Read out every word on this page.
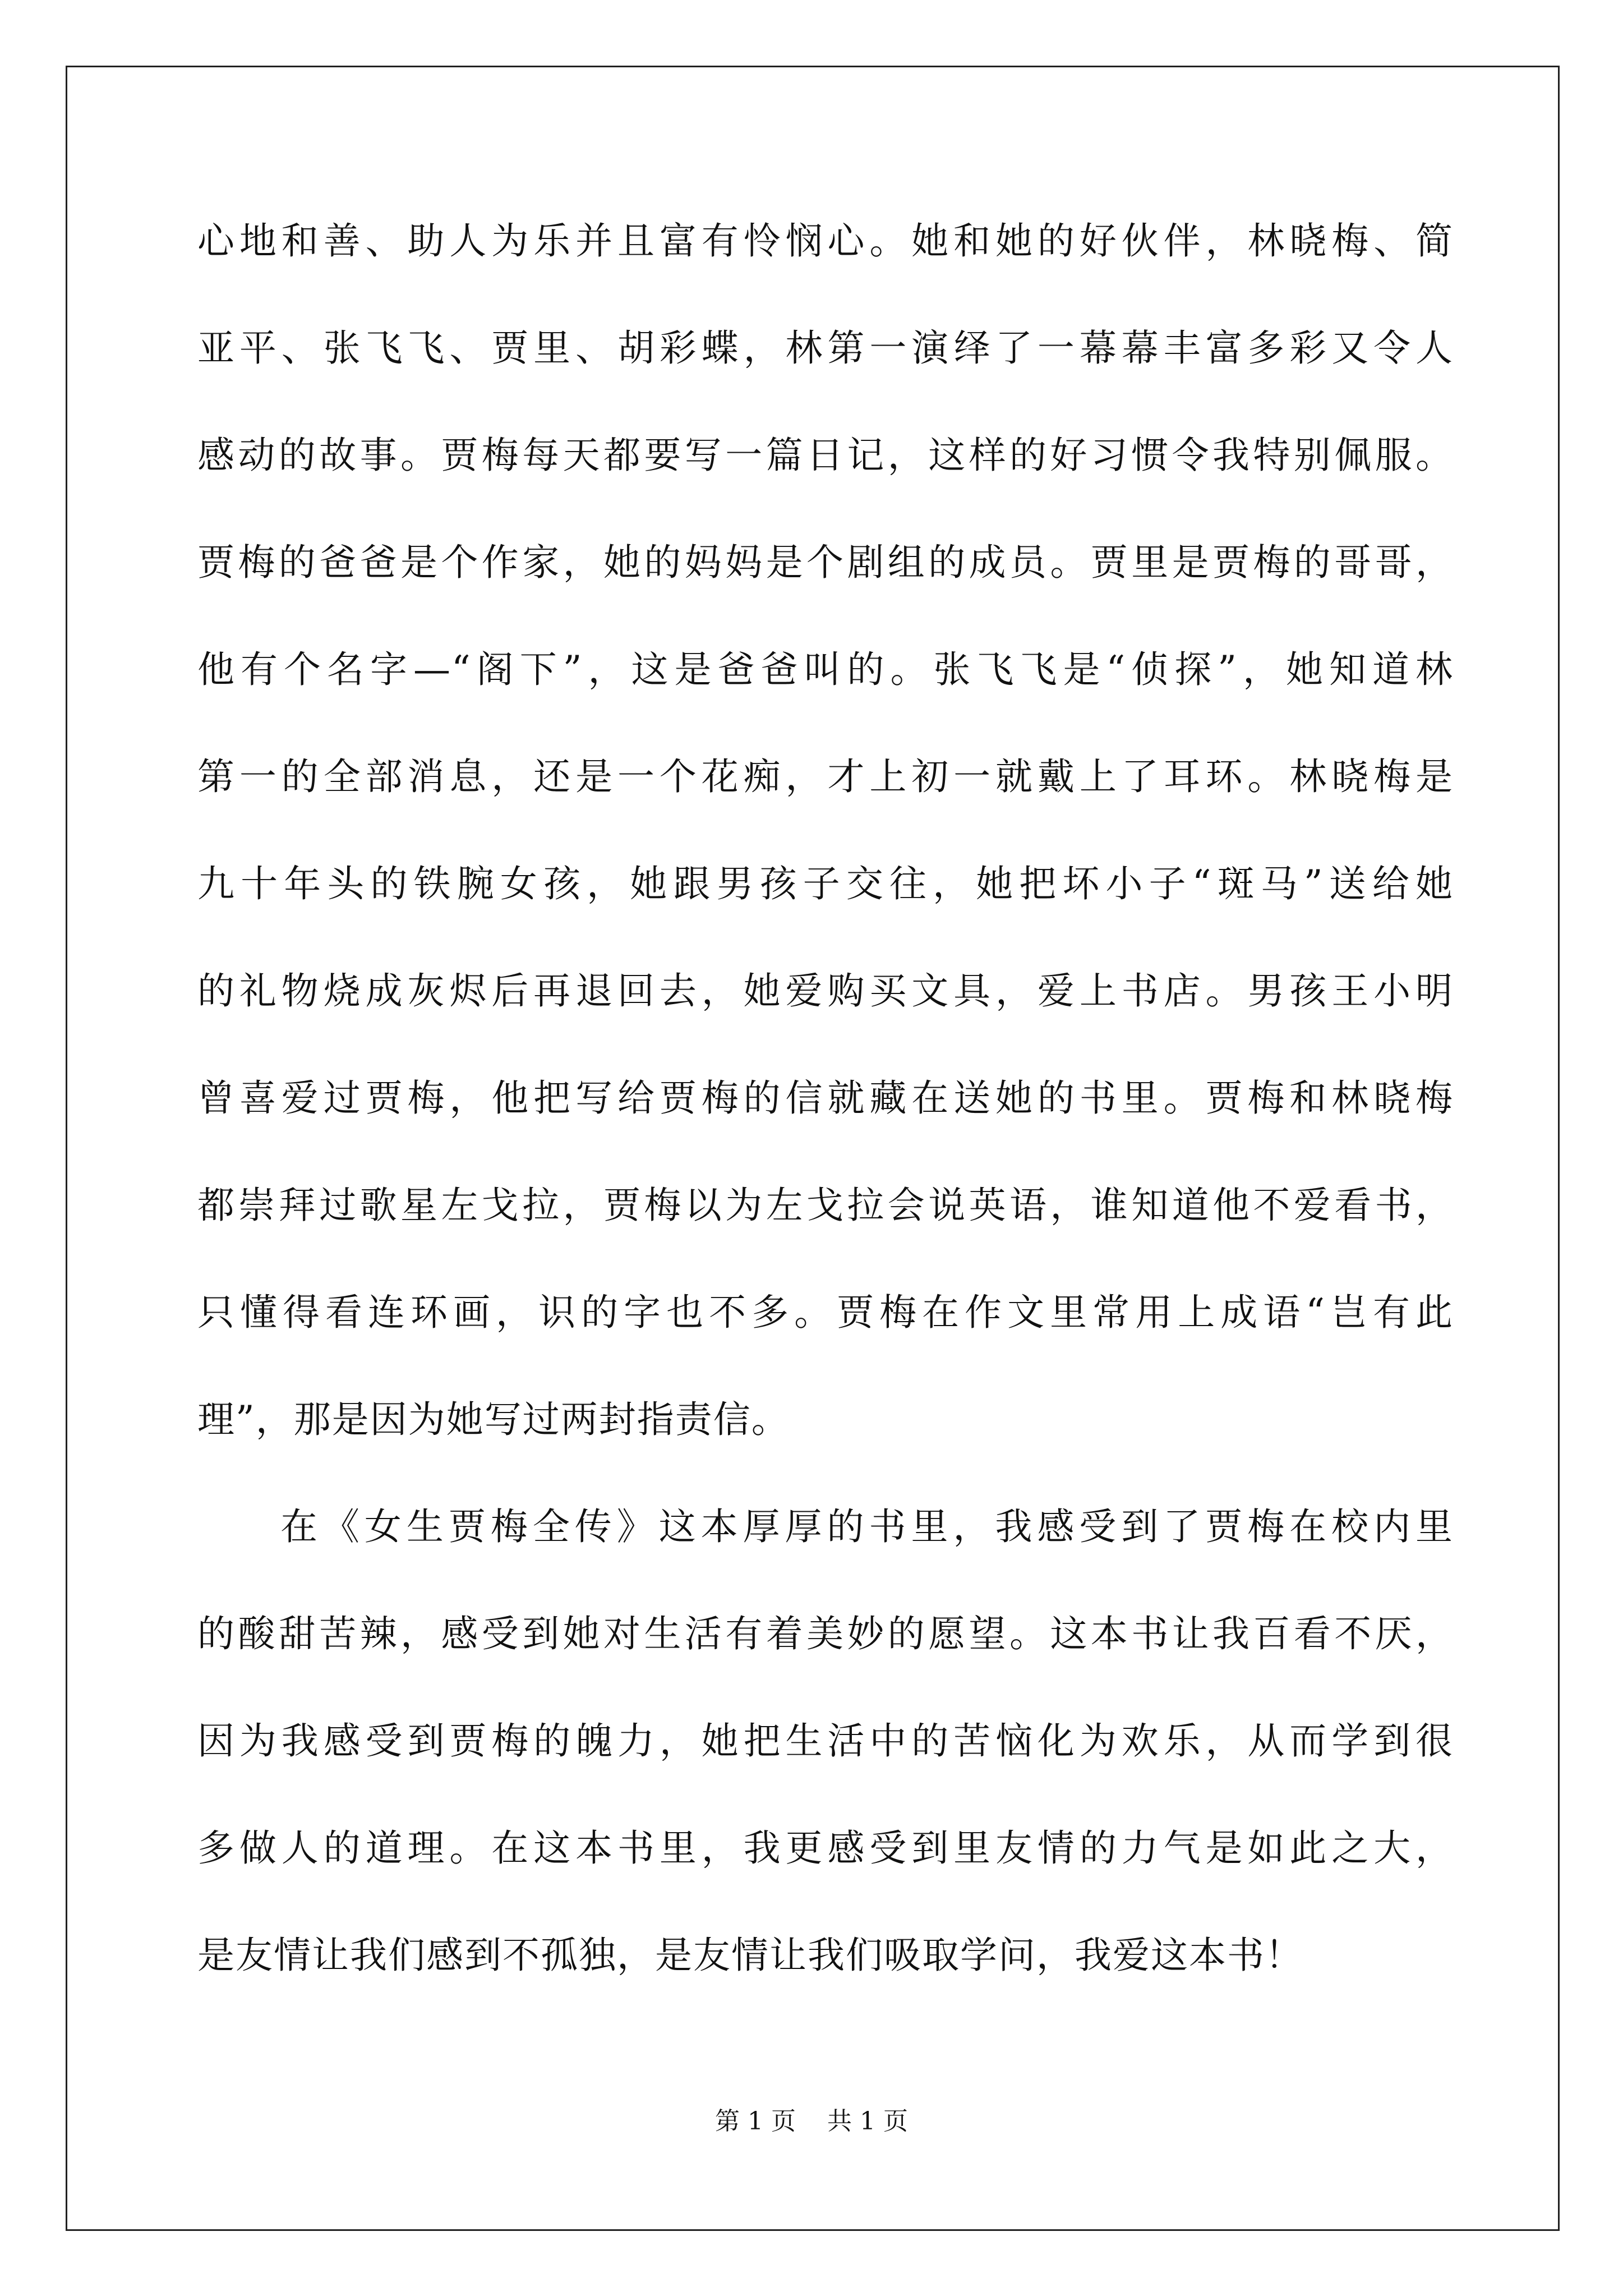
心地和善、助人为乐并且富有怜悯心。她和她的好伙伴，林晓梅、简
亚平、张飞飞、贾里、胡彩蝶，林第一演绎了一幕幕丰富多彩又令人
感动的故事。贾梅每天都要写一篇日记，这样的好习惯令我特别佩服。
贾梅的爸爸是个作家，她的妈妈是个剧组的成员。贾里是贾梅的哥哥，
他有个名字—“阁下”，这是爸爸叫的。张飞飞是“侦探”，她知道林
第一的全部消息，还是一个花痴，才上初一就戴上了耳环。林晓梅是
九十年头的铁腕女孩，她跟男孩子交往，她把坏小子“斑马”送给她
的礼物烧成灰烬后再退回去，她爱购买文具，爱上书店。男孩王小明
曾喜爱过贾梅，他把写给贾梅的信就藏在送她的书里。贾梅和林晓梅
都崇拜过歌星左戈拉，贾梅以为左戈拉会说英语，谁知道他不爱看书，
只懂得看连环画，识的字也不多。贾梅在作文里常用上成语“岂有此
理”，那是因为她写过两封指责信。
在《女生贾梅全传》这本厚厚的书里，我感受到了贾梅在校内里
的酸甜苦辣，感受到她对生活有着美妙的愿望。这本书让我百看不厌，
因为我感受到贾梅的魄力，她把生活中的苦恼化为欢乐，从而学到很
多做人的道理。在这本书里，我更感受到里友情的力气是如此之大，
是友情让我们感到不孤独，是友情让我们吸取学问，我爱这本书！
第 1 页 共 1 页
